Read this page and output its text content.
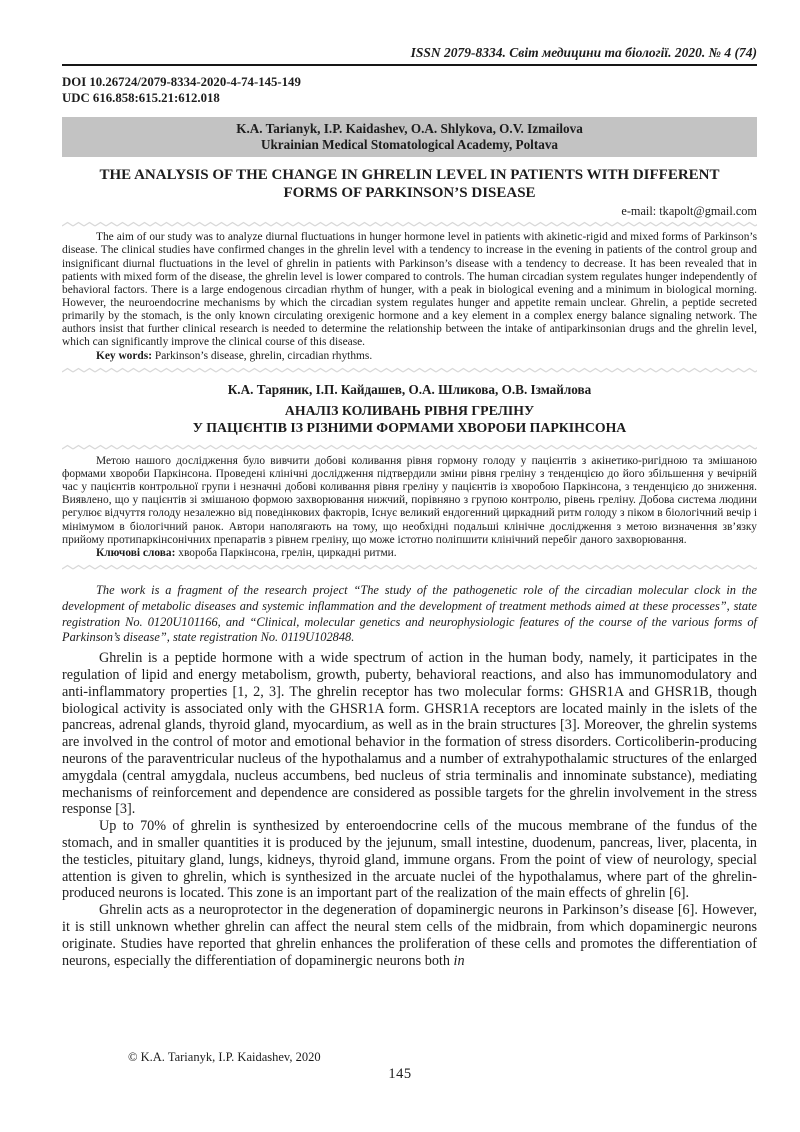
ISSN 2079-8334. Світ медицини та біології. 2020. № 4 (74)
DOI 10.26724/2079-8334-2020-4-74-145-149
UDC 616.858:615.21:612.018
K.A. Tarianyk, I.P. Kaidashev, O.A. Shlykova, O.V. Izmailova
Ukrainian Medical Stomatological Academy, Poltava
THE ANALYSIS OF THE CHANGE IN GHRELIN LEVEL IN PATIENTS WITH DIFFERENT FORMS OF PARKINSON’S DISEASE
e-mail: tkapolt@gmail.com

The aim of our study was to analyze diurnal fluctuations in hunger hormone level in patients with akinetic-rigid and mixed forms of Parkinson’s disease. The clinical studies have confirmed changes in the ghrelin level with a tendency to increase in the evening in patients of the control group and insignificant diurnal fluctuations in the level of ghrelin in patients with Parkinson’s disease with a tendency to decrease. It has been revealed that in patients with mixed form of the disease, the ghrelin level is lower compared to controls. The human circadian system regulates hunger independently of behavioral factors. There is a large endogenous circadian rhythm of hunger, with a peak in biological evening and a minimum in biological morning. However, the neuroendocrine mechanisms by which the circadian system regulates hunger and appetite remain unclear. Ghrelin, a peptide secreted primarily by the stomach, is the only known circulating orexigenic hormone and a key element in a complex energy balance signaling network. The authors insist that further clinical research is needed to determine the relationship between the intake of antiparkinsonian drugs and the ghrelin level, which can significantly improve the clinical course of this disease.

Key words: Parkinson’s disease, ghrelin, circadian rhythms.

К.А. Таряник, І.П. Кайдашев, О.А. Шликова, О.В. Ізмайлова
АНАЛІЗ КОЛИВАНЬ РІВНЯ ГРЕЛІНУ
У ПАЦІЄНТІВ ІЗ РІЗНИМИ ФОРМАМИ ХВОРОБИ ПАРКІНСОНА

Метою нашого дослідження було вивчити добові коливання рівня гормону голоду у пацієнтів з акінетико-ригідною та змішаною формами хвороби Паркінсона. Проведені клінічні дослідження підтвердили зміни рівня греліну з тенденцією до його збільшення у вечірній час у пацієнтів контрольної групи і незначні добові коливання рівня греліну у пацієнтів із хворобою Паркінсона, з тенденцією до зниження. Виявлено, що у пацієнтів зі змішаною формою захворювання нижчий, порівняно з групою контролю, рівень греліну. Добова система людини регулює відчуття голоду незалежно від поведінкових факторів, Існує великий ендогенний циркадний ритм голоду з піком в біологічний вечір і мінімумом в біологічний ранок. Автори наполягають на тому, що необхідні подальші клінічне дослідження з метою визначення зв’язку прийому протипаркінсонічних препаратів з рівнем греліну, що може істотно поліпшити клінічний перебіг даного захворювання.

Ключові слова: хвороба Паркінсона, грелін, циркадні ритми.

The work is a fragment of the research project “The study of the pathogenetic role of the circadian molecular clock in the development of metabolic diseases and systemic inflammation and the development of treatment methods aimed at these processes”, state registration No. 0120U101166, and “Clinical, molecular genetics and neurophysiologic features of the course of the various forms of Parkinson’s disease”, state registration No. 0119U102848.

Ghrelin is a peptide hormone with a wide spectrum of action in the human body, namely, it participates in the regulation of lipid and energy metabolism, growth, puberty, behavioral reactions, and also has immunomodulatory and anti-inflammatory properties [1, 2, 3]. The ghrelin receptor has two molecular forms: GHSR1A and GHSR1B, though biological activity is associated only with the GHSR1A form. GHSR1A receptors are located mainly in the islets of the pancreas, adrenal glands, thyroid gland, myocardium, as well as in the brain structures [3]. Moreover, the ghrelin systems are involved in the control of motor and emotional behavior in the formation of stress disorders. Corticoliberin-producing neurons of the paraventricular nucleus of the hypothalamus and a number of extrahypothalamic structures of the enlarged amygdala (central amygdala, nucleus accumbens, bed nucleus of stria terminalis and innominate substance), mediating mechanisms of reinforcement and dependence are considered as possible targets for the ghrelin involvement in the stress response [3].

Up to 70% of ghrelin is synthesized by enteroendocrine cells of the mucous membrane of the fundus of the stomach, and in smaller quantities it is produced by the jejunum, small intestine, duodenum, pancreas, liver, placenta, in the testicles, pituitary gland, lungs, kidneys, thyroid gland, immune organs. From the point of view of neurology, special attention is given to ghrelin, which is synthesized in the arcuate nuclei of the hypothalamus, where part of the ghrelin-produced neurons is located. This zone is an important part of the realization of the main effects of ghrelin [6].

Ghrelin acts as a neuroprotector in the degeneration of dopaminergic neurons in Parkinson’s disease [6]. However, it is still unknown whether ghrelin can affect the neural stem cells of the midbrain, from which dopaminergic neurons originate. Studies have reported that ghrelin enhances the proliferation of these cells and promotes the differentiation of neurons, especially the differentiation of dopaminergic neurons both in

© K.A. Tarianyk, I.P. Kaidashev, 2020
145
